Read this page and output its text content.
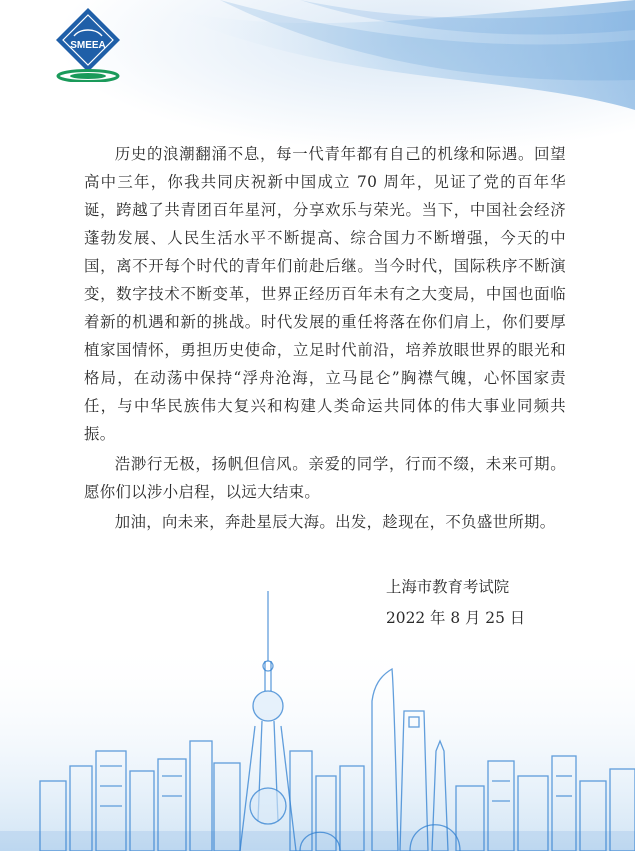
SMEEA

历史的浪潮翻涌不息，每一代青年都有自己的机缘和际遇。回望高中三年，你我共同庆祝新中国成立 70 周年，见证了党的百年华诞，跨越了共青团百年星河，分享欢乐与荣光。当下，中国社会经济蓬勃发展、人民生活水平不断提高、综合国力不断增强，今天的中国，离不开每个时代的青年们前赴后继。当今时代，国际秩序不断演变，数字技术不断变革，世界正经历百年未有之大变局，中国也面临着新的机遇和新的挑战。时代发展的重任将落在你们肩上，你们要厚植家国情怀，勇担历史使命，立足时代前沿，培养放眼世界的眼光和格局，在动荡中保持“浮舟沧海，立马昆仑”胸襟气魄，心怀国家责任，与中华民族伟大复兴和构建人类命运共同体的伟大事业同频共振。

浩渺行无极，扬帆但信风。亲爱的同学，行而不缀，未来可期。愿你们以涉小启程，以远大结束。

加油，向未来，奔赴星辰大海。出发，趁现在，不负盛世所期。

上海市教育考试院
2022 年 8 月 25 日
